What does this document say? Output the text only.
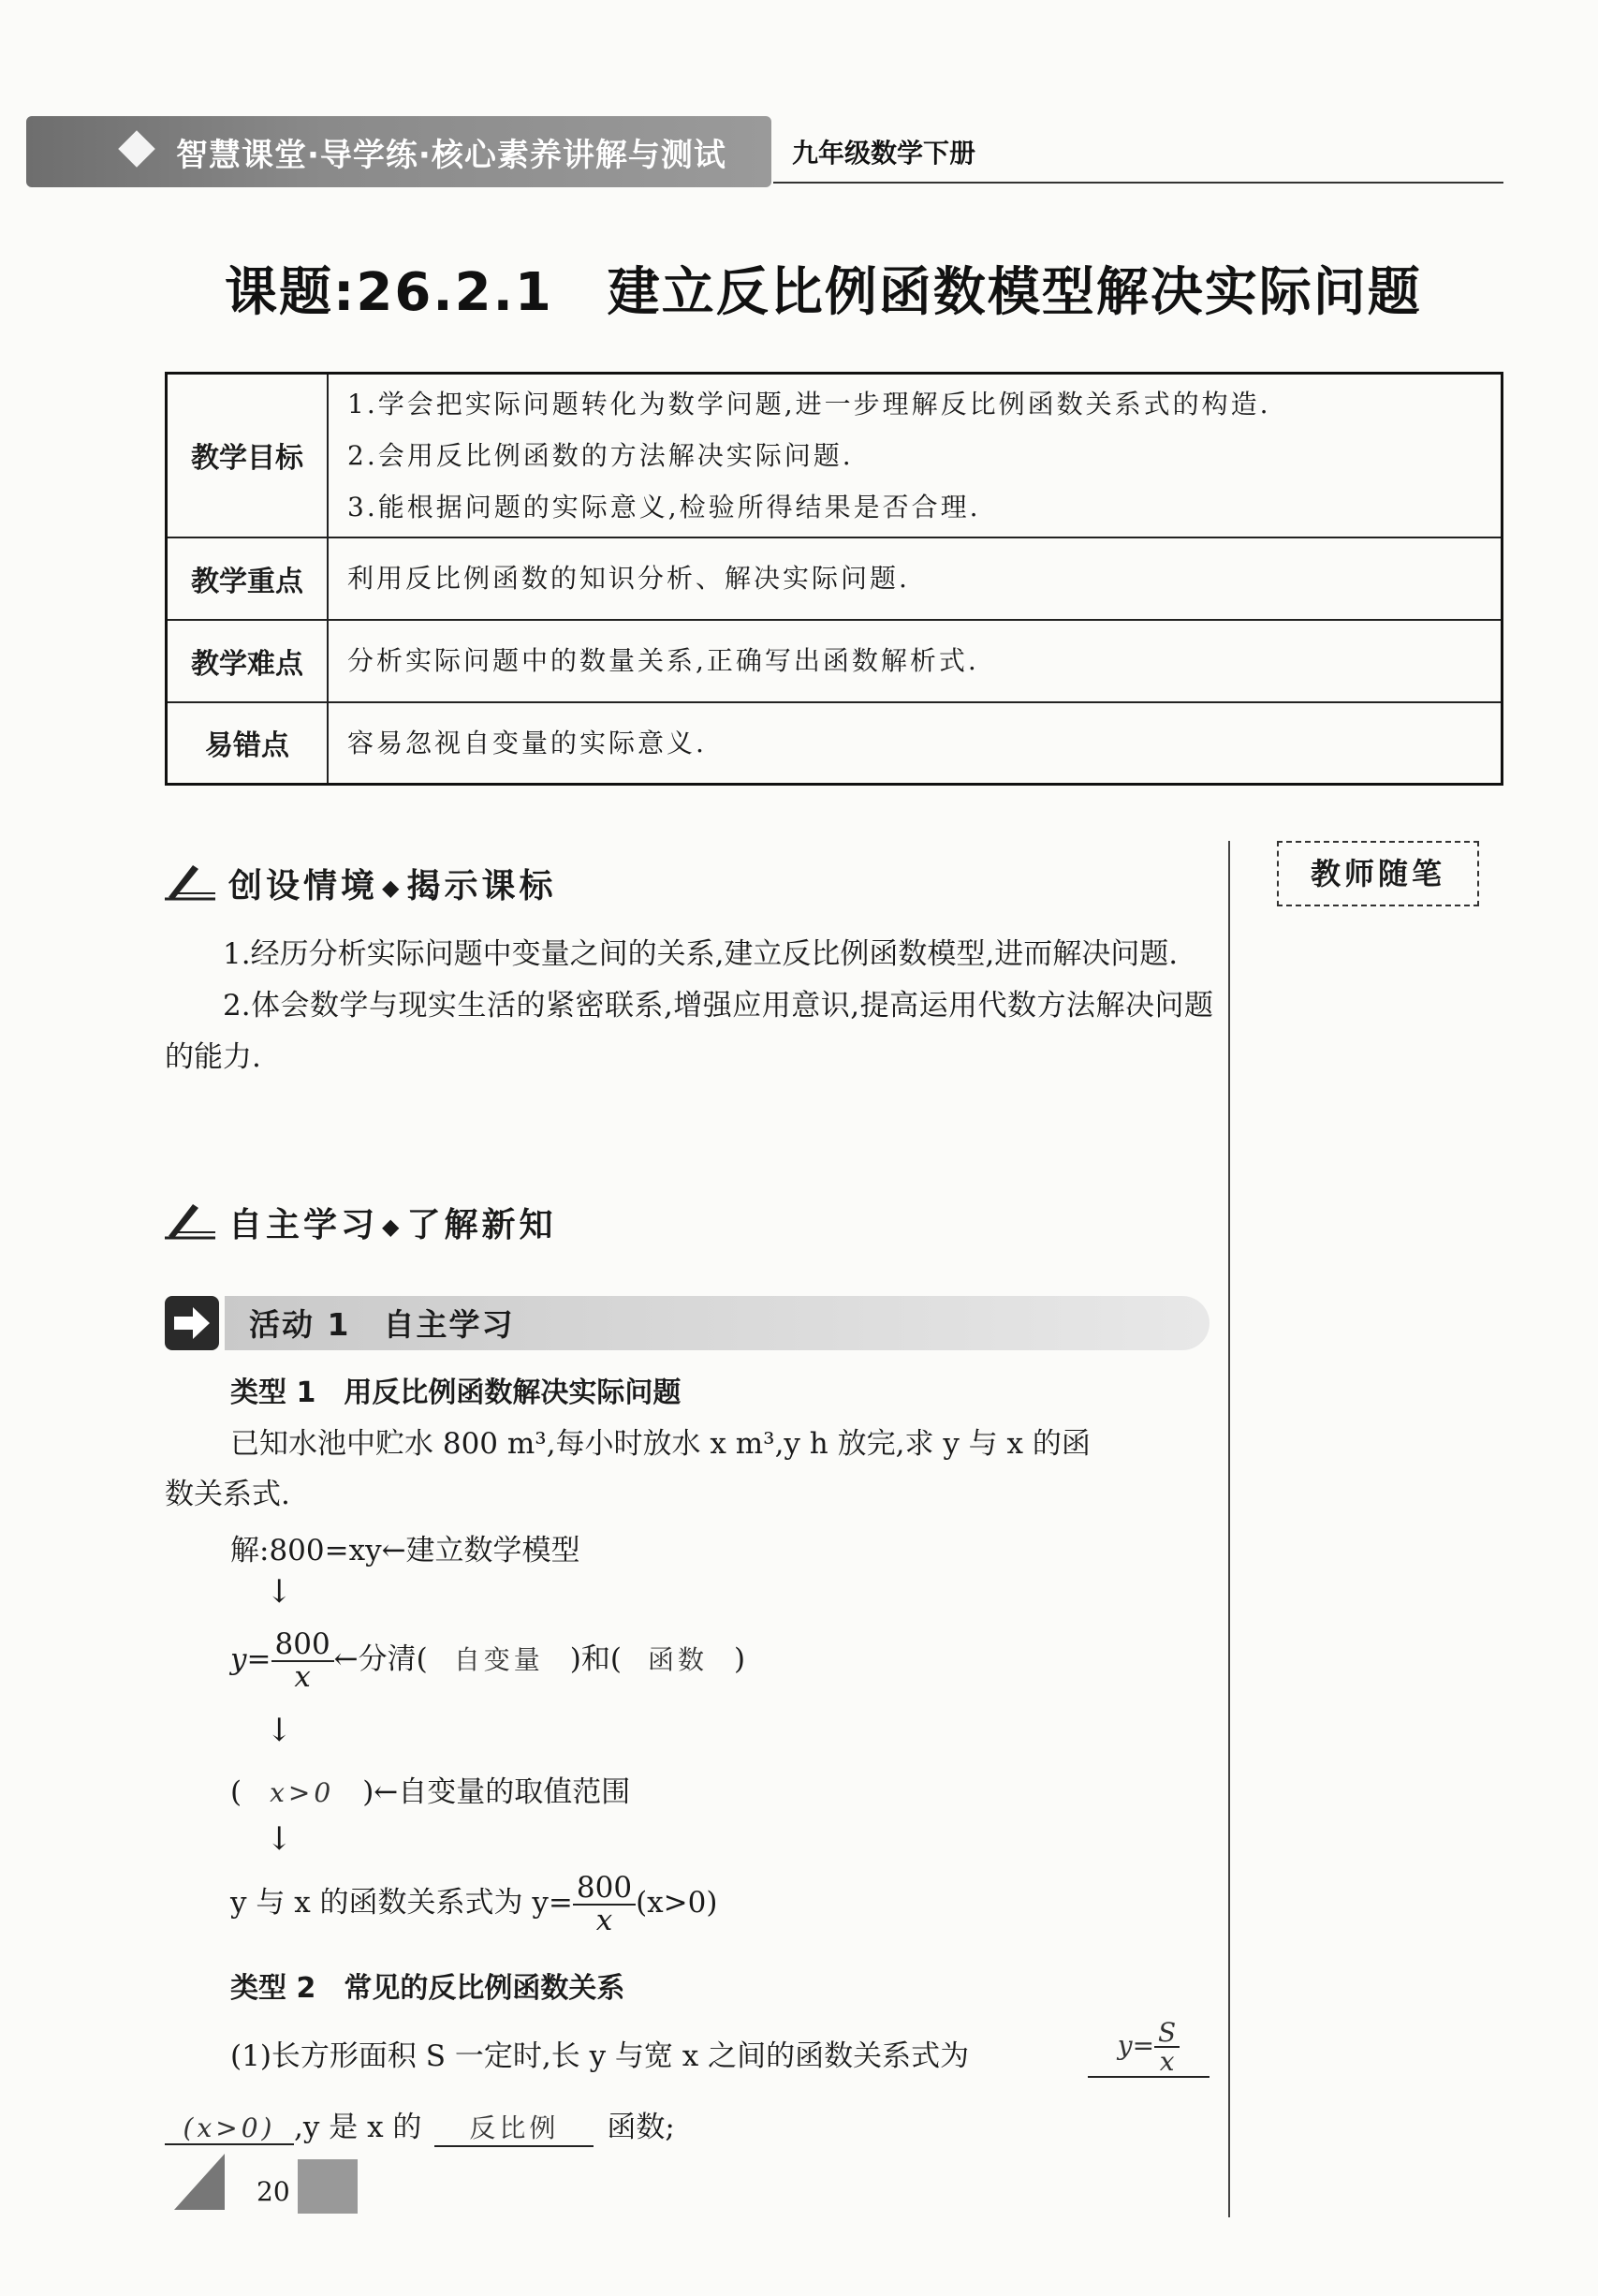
智慧课堂·导学练·核心素养讲解与测试	九年级数学下册
课题:26.2.1　建立反比例函数模型解决实际问题
教学目标	1.学会把实际问题转化为数学问题,进一步理解反比例函数关系式的构造.
2.会用反比例函数的方法解决实际问题.
3.能根据问题的实际意义,检验所得结果是否合理.

教学重点	利用反比例函数的知识分析、解决实际问题.

教学难点	分析实际问题中的数量关系,正确写出函数解析式.

易错点	容易忽视自变量的实际意义.
教师随笔
创设情境 ◆ 揭示课标

1.经历分析实际问题中变量之间的关系,建立反比例函数模型,进而解决问题.

2.体会数学与现实生活的紧密联系,增强应用意识,提高运用代数方法解决问题的能力.

自主学习 ◆ 了解新知
活动 1　自主学习
类型 1　用反比例函数解决实际问题
已知水池中贮水 800 m³,每小时放水 x m³,y h 放完,求 y 与 x 的函
数关系式.
解:800=xy←建立数学模型
↓
$y= \frac{800}{x}$ ←分清( 自变量 )和( 函数 )
↓
( x>0 )←自变量的取值范围
↓
y 与 x 的函数关系式为 $y= \frac{800}{x} (x>0)$
类型 2　常见的反比例函数关系
(1)长方形面积 S 一定时,长 y 与宽 x 之间的函数关系式为	$y= \frac{S}{x}$
(x>0) ,y 是 x 的 反比例 函数;
20
